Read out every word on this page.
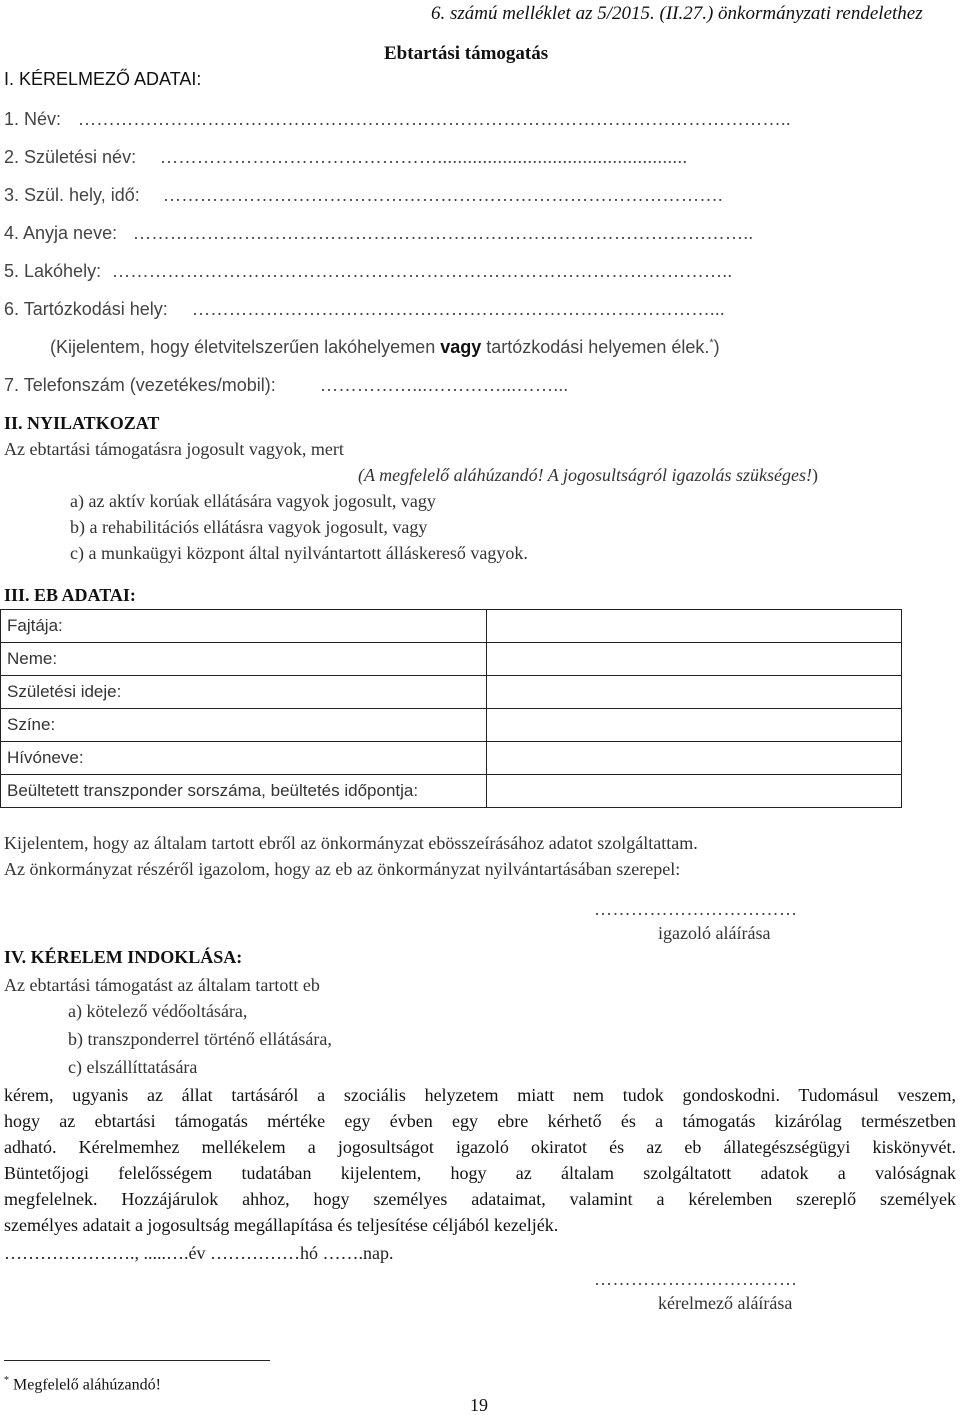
6. számú melléklet az 5/2015. (II.27.) önkormányzati rendelethez
Ebtartási támogatás
I. KÉRELMEZŐ ADATAI:
1. Név: ……………………………………………………………………………………………………..
2. Születési név: ………………………………………..................................................
3. Szül. hely, idő: ……………………………………………………………………………….
4. Anyja neve: ………………………………………………………………………………………..
5. Lakóhely: ………………………………………………………………………………………..
6. Tartózkodási hely: …………………………………………………………………………...
(Kijelentem, hogy életvitelszerűen lakóhelyemen vagy tartózkodási helyemen élek.*)
7. Telefonszám (vezetékes/mobil): ……………...…………...……...
II. NYILATKOZAT
Az ebtartási támogatásra jogosult vagyok, mert
(A megfelelő aláhúzandó! A jogosultságról igazolás szükséges!)
a) az aktív korúak ellátására vagyok jogosult, vagy
b) a rehabilitációs ellátásra vagyok jogosult, vagy
c) a munkaügyi központ által nyilvántartott álláskereső vagyok.
III. EB ADATAI:
Fajtája:	
Neme:	
Születési ideje:	
Színe:	
Hívóneve:	
Beültetett transzponder sorszáma, beültetés időpontja:	
Kijelentem, hogy az általam tartott ebről az önkormányzat ebösszeírásához adatot szolgáltattam.
Az önkormányzat részéről igazolom, hogy az eb az önkormányzat nyilvántartásában szerepel:
……………………………
igazoló aláírása
IV. KÉRELEM INDOKLÁSA:
Az ebtartási támogatást az általam tartott eb
a) kötelező védőoltására,
b) transzponderrel történő ellátására,
c) elszállíttatására
kérem, ugyanis az állat tartásáról a szociális helyzetem miatt nem tudok gondoskodni. Tudomásul veszem,
hogy az ebtartási támogatás mértéke egy évben egy ebre kérhető és a támogatás kizárólag természetben
adható. Kérelmemhez mellékelem a jogosultságot igazoló okiratot és az eb állategészségügyi kiskönyvét.
Büntetőjogi felelősségem tudatában kijelentem, hogy az általam szolgáltatott adatok a valóságnak
megfelelnek. Hozzájárulok ahhoz, hogy személyes adataimat, valamint a kérelemben szereplő személyek
személyes adatait a jogosultság megállapítása és teljesítése céljából kezeljék.
…………………., .....….év ……………hó …….nap.
……………………………
kérelmező aláírása
* Megfelelő aláhúzandó!
19
